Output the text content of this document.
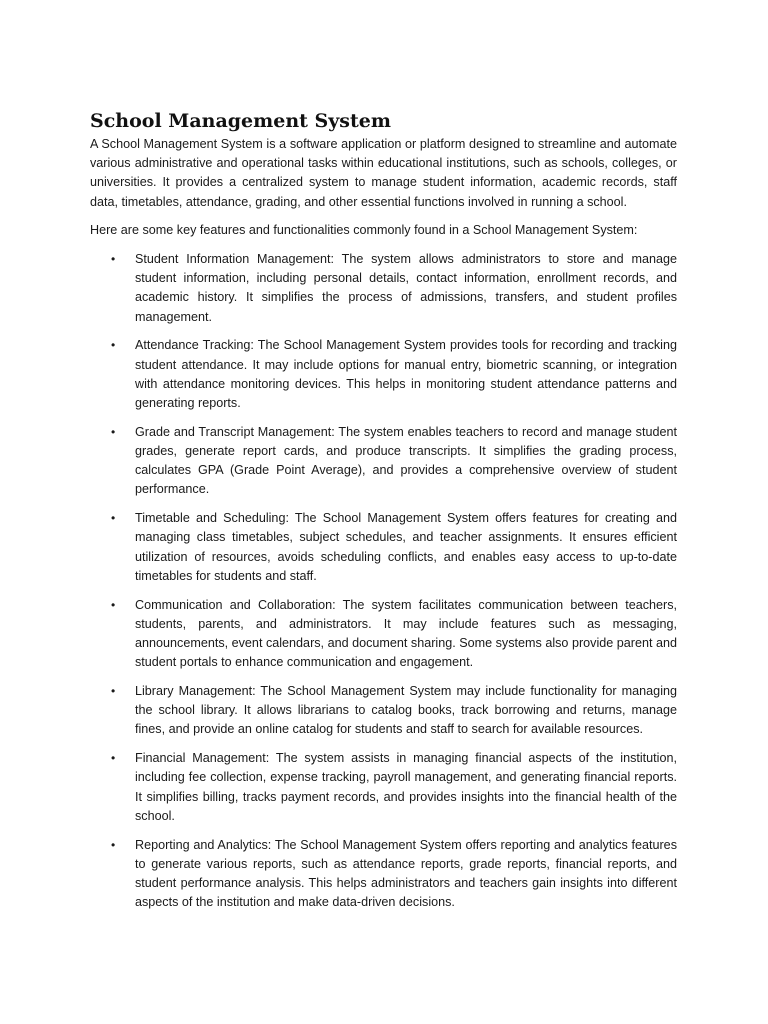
School Management System

A School Management System is a software application or platform designed to streamline and automate various administrative and operational tasks within educational institutions, such as schools, colleges, or universities. It provides a centralized system to manage student information, academic records, staff data, timetables, attendance, grading, and other essential functions involved in running a school.

Here are some key features and functionalities commonly found in a School Management System:

• Student Information Management: The system allows administrators to store and manage student information, including personal details, contact information, enrollment records, and academic history. It simplifies the process of admissions, transfers, and student profiles management.
• Attendance Tracking: The School Management System provides tools for recording and tracking student attendance. It may include options for manual entry, biometric scanning, or integration with attendance monitoring devices. This helps in monitoring student attendance patterns and generating reports.
• Grade and Transcript Management: The system enables teachers to record and manage student grades, generate report cards, and produce transcripts. It simplifies the grading process, calculates GPA (Grade Point Average), and provides a comprehensive overview of student performance.
• Timetable and Scheduling: The School Management System offers features for creating and managing class timetables, subject schedules, and teacher assignments. It ensures efficient utilization of resources, avoids scheduling conflicts, and enables easy access to up-to-date timetables for students and staff.
• Communication and Collaboration: The system facilitates communication between teachers, students, parents, and administrators. It may include features such as messaging, announcements, event calendars, and document sharing. Some systems also provide parent and student portals to enhance communication and engagement.
• Library Management: The School Management System may include functionality for managing the school library. It allows librarians to catalog books, track borrowing and returns, manage fines, and provide an online catalog for students and staff to search for available resources.
• Financial Management: The system assists in managing financial aspects of the institution, including fee collection, expense tracking, payroll management, and generating financial reports. It simplifies billing, tracks payment records, and provides insights into the financial health of the school.
• Reporting and Analytics: The School Management System offers reporting and analytics features to generate various reports, such as attendance reports, grade reports, financial reports, and student performance analysis. This helps administrators and teachers gain insights into different aspects of the institution and make data-driven decisions.
